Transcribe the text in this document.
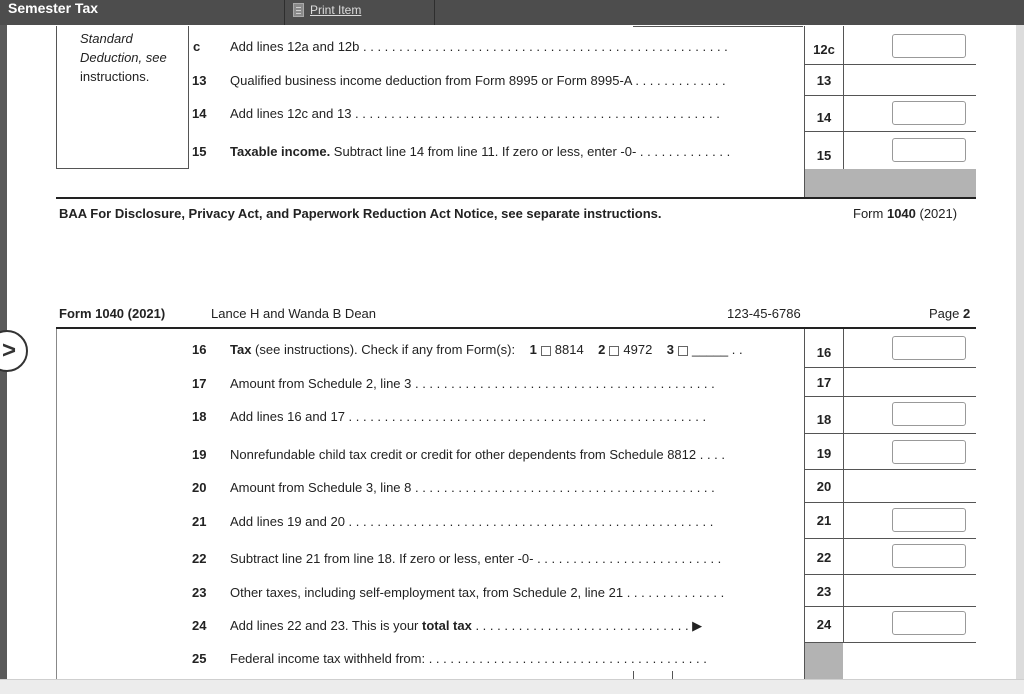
Semester Tax	Print Item
Standard
Deduction, see
instructions.
c Add lines 12a and 12b . . . . . . . . . . . . . . . . . . . . . . . . . . . . . . . . . . . . . . . . . . . . . . . . . . .	12c
13 Qualified business income deduction from Form 8995 or Form 8995-A . . . . . . . . . . . . .	13
14 Add lines 12c and 13 . . . . . . . . . . . . . . . . . . . . . . . . . . . . . . . . . . . . . . . . . . . . . . . . . . .	14
15 Taxable income. Subtract line 14 from line 11. If zero or less, enter -0- . . . . . . . . . . . . .	15
BAA For Disclosure, Privacy Act, and Paperwork Reduction Act Notice, see separate instructions.	Form 1040 (2021)
Form 1040 (2021)	Lance H and Wanda B Dean	123-45-6786	Page 2
>	16 Tax (see instructions). Check if any from Form(s): 1 8814 2 4972 3 _____ . .	16
17 Amount from Schedule 2, line 3 . . . . . . . . . . . . . . . . . . . . . . . . . . . . . . . . . . . . . . . . . .	17
18 Add lines 16 and 17 . . . . . . . . . . . . . . . . . . . . . . . . . . . . . . . . . . . . . . . . . . . . . . . . . .	18
19 Nonrefundable child tax credit or credit for other dependents from Schedule 8812 . . . .	19
20 Amount from Schedule 3, line 8 . . . . . . . . . . . . . . . . . . . . . . . . . . . . . . . . . . . . . . . . . .	20
21 Add lines 19 and 20 . . . . . . . . . . . . . . . . . . . . . . . . . . . . . . . . . . . . . . . . . . . . . . . . . . .	21
22 Subtract line 21 from line 18. If zero or less, enter -0- . . . . . . . . . . . . . . . . . . . . . . . . . .	22
23 Other taxes, including self-employment tax, from Schedule 2, line 21 . . . . . . . . . . . . . .	23
24 Add lines 22 and 23. This is your total tax . . . . . . . . . . . . . . . . . . . . . . . . . . . . . . ▶	24
25 Federal income tax withheld from: . . . . . . . . . . . . . . . . . . . . . . . . . . . . . . . . . . . . . . .
